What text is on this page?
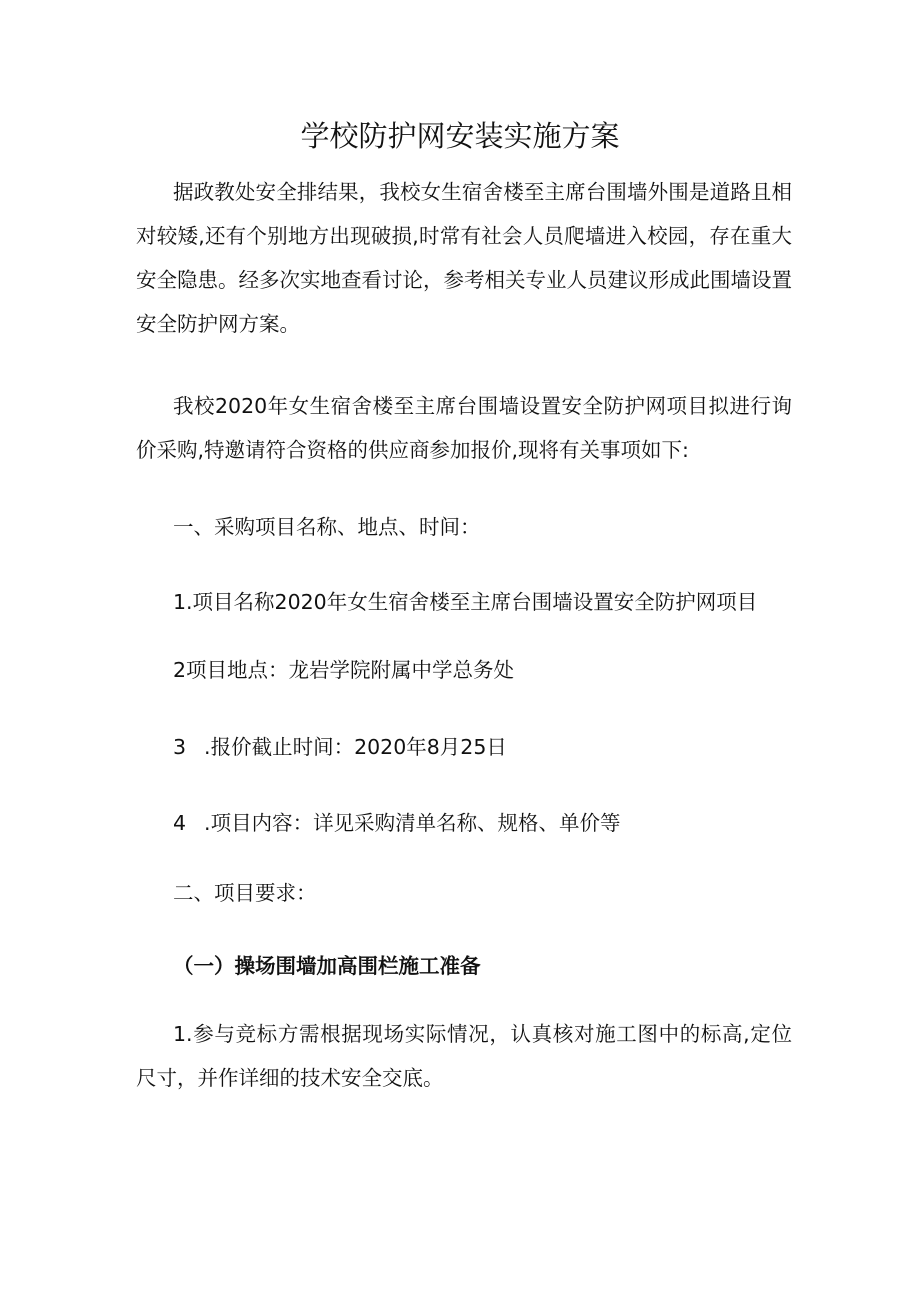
学校防护网安装实施方案

据政教处安全排结果，我校女生宿舍楼至主席台围墙外围是道路且相对较矮,还有个别地方出现破损,时常有社会人员爬墙进入校园，存在重大安全隐患。经多次实地查看讨论，参考相关专业人员建议形成此围墙设置安全防护网方案。

我校2020年女生宿舍楼至主席台围墙设置安全防护网项目拟进行询价采购,特邀请符合资格的供应商参加报价,现将有关事项如下:

一、采购项目名称、地点、时间：

1.项目名称2020年女生宿舍楼至主席台围墙设置安全防护网项目

2项目地点：龙岩学院附属中学总务处

3 .报价截止时间：2020年8月25日

4 .项目内容：详见采购清单名称、规格、单价等

二、项目要求：

（一）操场围墙加高围栏施工准备

1.参与竞标方需根据现场实际情况，认真核对施工图中的标高,定位尺寸，并作详细的技术安全交底。
